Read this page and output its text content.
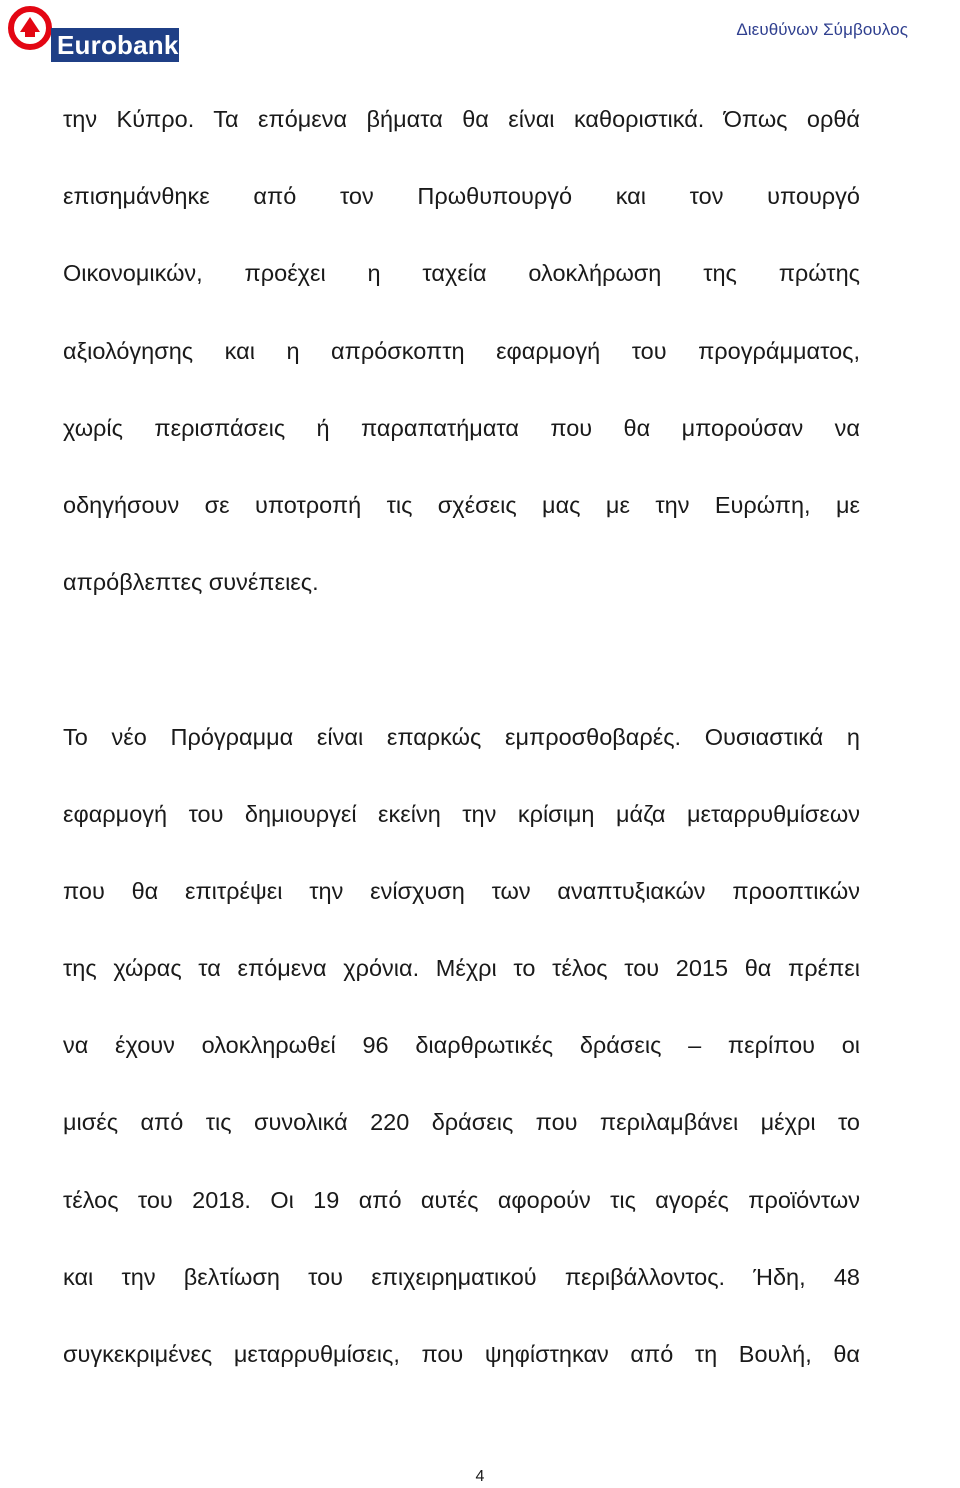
Eurobank
Διευθύνων Σύμβουλος
την Κύπρο. Τα επόμενα βήματα θα είναι καθοριστικά. Όπως ορθά
επισημάνθηκε από τον Πρωθυπουργό και τον υπουργό
Οικονομικών, προέχει η ταχεία ολοκλήρωση της πρώτης
αξιολόγησης και η απρόσκοπτη εφαρμογή του προγράμματος,
χωρίς περισπάσεις ή παραπατήματα που θα μπορούσαν να
οδηγήσουν σε υποτροπή τις σχέσεις μας με την Ευρώπη, με
απρόβλεπτες συνέπειες.
Το νέο Πρόγραμμα είναι επαρκώς εμπροσθοβαρές. Ουσιαστικά η
εφαρμογή του δημιουργεί εκείνη την κρίσιμη μάζα μεταρρυθμίσεων
που θα επιτρέψει την ενίσχυση των αναπτυξιακών προοπτικών
της χώρας τα επόμενα χρόνια. Μέχρι το τέλος του 2015 θα πρέπει
να έχουν ολοκληρωθεί 96 διαρθρωτικές δράσεις – περίπου οι
μισές από τις συνολικά 220 δράσεις που περιλαμβάνει μέχρι το
τέλος του 2018. Οι 19 από αυτές αφορούν τις αγορές προϊόντων
και την βελτίωση του επιχειρηματικού περιβάλλοντος. Ήδη, 48
συγκεκριμένες μεταρρυθμίσεις, που ψηφίστηκαν από τη Βουλή, θα
4
